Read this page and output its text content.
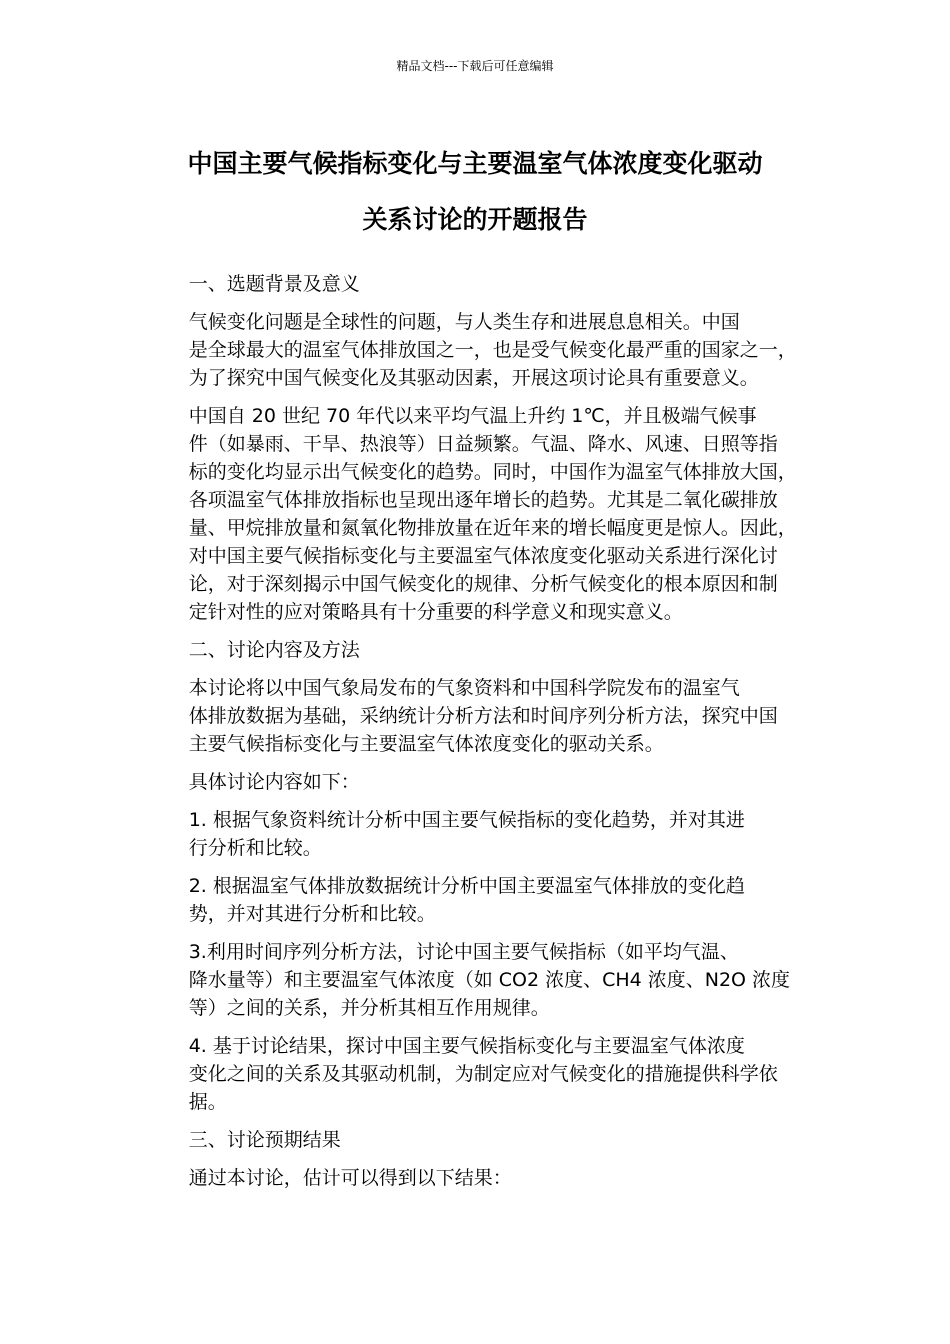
精品文档---下载后可任意编辑
中国主要气候指标变化与主要温室气体浓度变化驱动
关系讨论的开题报告

一、选题背景及意义

气候变化问题是全球性的问题，与人类生存和进展息息相关。中国
是全球最大的温室气体排放国之一，也是受气候变化最严重的国家之一，
为了探究中国气候变化及其驱动因素，开展这项讨论具有重要意义。

中国自 20 世纪 70 年代以来平均气温上升约 1℃，并且极端气候事
件（如暴雨、干旱、热浪等）日益频繁。气温、降水、风速、日照等指
标的变化均显示出气候变化的趋势。同时，中国作为温室气体排放大国，
各项温室气体排放指标也呈现出逐年增长的趋势。尤其是二氧化碳排放
量、甲烷排放量和氮氧化物排放量在近年来的增长幅度更是惊人。因此，
对中国主要气候指标变化与主要温室气体浓度变化驱动关系进行深化讨
论，对于深刻揭示中国气候变化的规律、分析气候变化的根本原因和制
定针对性的应对策略具有十分重要的科学意义和现实意义。

二、讨论内容及方法

本讨论将以中国气象局发布的气象资料和中国科学院发布的温室气
体排放数据为基础，采纳统计分析方法和时间序列分析方法，探究中国
主要气候指标变化与主要温室气体浓度变化的驱动关系。

具体讨论内容如下：

1. 根据气象资料统计分析中国主要气候指标的变化趋势，并对其进
行分析和比较。

2. 根据温室气体排放数据统计分析中国主要温室气体排放的变化趋
势，并对其进行分析和比较。

3.利用时间序列分析方法，讨论中国主要气候指标（如平均气温、
降水量等）和主要温室气体浓度（如 CO2 浓度、CH4 浓度、N2O 浓度
等）之间的关系，并分析其相互作用规律。

4. 基于讨论结果，探讨中国主要气候指标变化与主要温室气体浓度
变化之间的关系及其驱动机制，为制定应对气候变化的措施提供科学依
据。

三、讨论预期结果

通过本讨论，估计可以得到以下结果：
